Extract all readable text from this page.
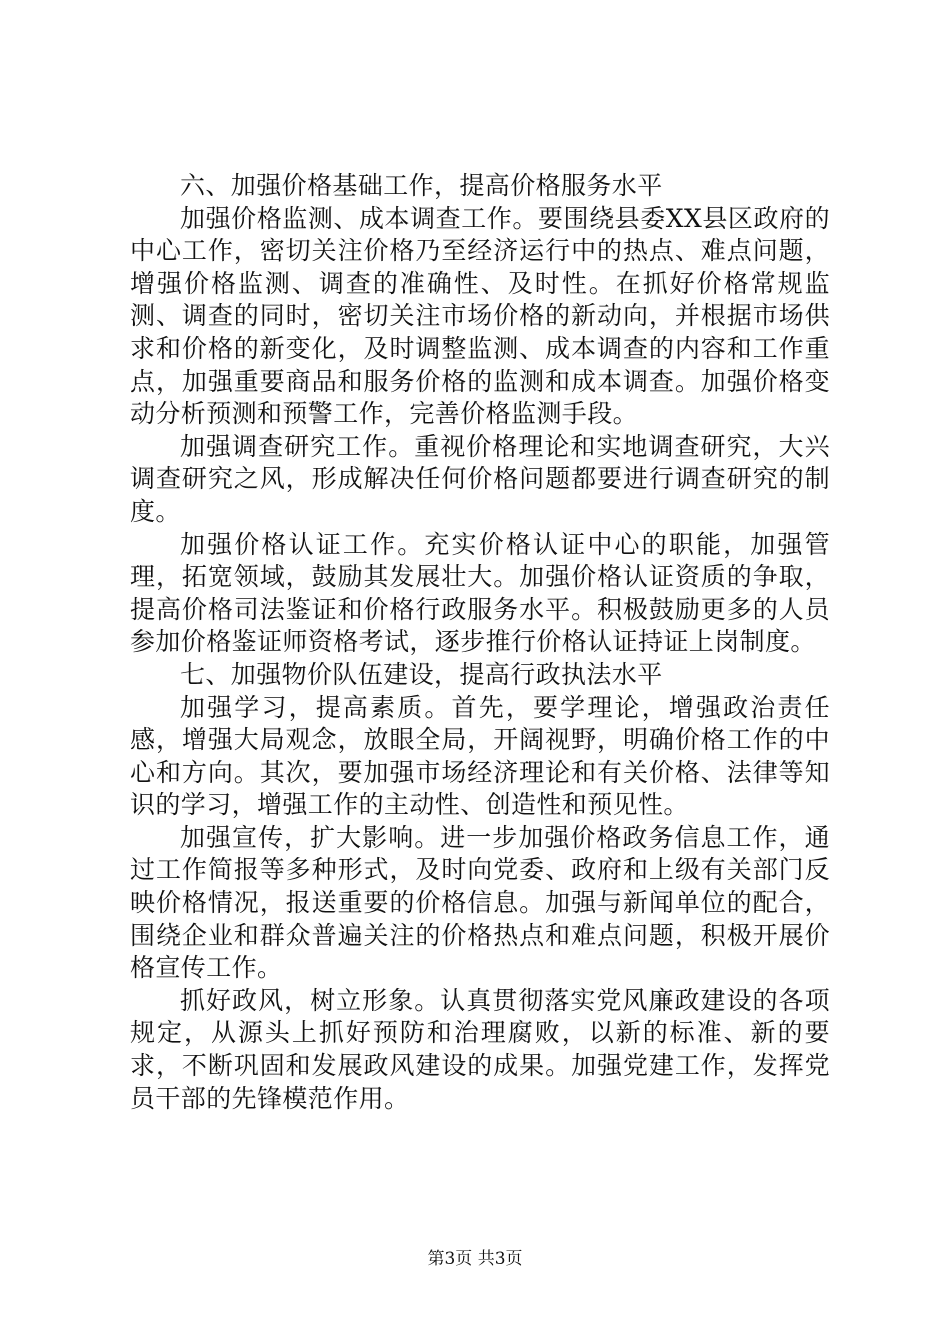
六、加强价格基础工作，提高价格服务水平

加强价格监测、成本调查工作。要围绕县委XX县区政府的中心工作，密切关注价格乃至经济运行中的热点、难点问题，增强价格监测、调查的准确性、及时性。在抓好价格常规监测、调查的同时，密切关注市场价格的新动向，并根据市场供求和价格的新变化，及时调整监测、成本调查的内容和工作重点，加强重要商品和服务价格的监测和成本调查。加强价格变动分析预测和预警工作，完善价格监测手段。

加强调查研究工作。重视价格理论和实地调查研究，大兴调查研究之风，形成解决任何价格问题都要进行调查研究的制度。

加强价格认证工作。充实价格认证中心的职能，加强管理，拓宽领域，鼓励其发展壮大。加强价格认证资质的争取，提高价格司法鉴证和价格行政服务水平。积极鼓励更多的人员参加价格鉴证师资格考试，逐步推行价格认证持证上岗制度。

七、加强物价队伍建设，提高行政执法水平

加强学习，提高素质。首先，要学理论，增强政治责任感，增强大局观念，放眼全局，开阔视野，明确价格工作的中心和方向。其次，要加强市场经济理论和有关价格、法律等知识的学习，增强工作的主动性、创造性和预见性。

加强宣传，扩大影响。进一步加强价格政务信息工作，通过工作简报等多种形式，及时向党委、政府和上级有关部门反映价格情况，报送重要的价格信息。加强与新闻单位的配合，围绕企业和群众普遍关注的价格热点和难点问题，积极开展价格宣传工作。

抓好政风，树立形象。认真贯彻落实党风廉政建设的各项规定，从源头上抓好预防和治理腐败，以新的标准、新的要求，不断巩固和发展政风建设的成果。加强党建工作，发挥党员干部的先锋模范作用。

第3页 共3页
